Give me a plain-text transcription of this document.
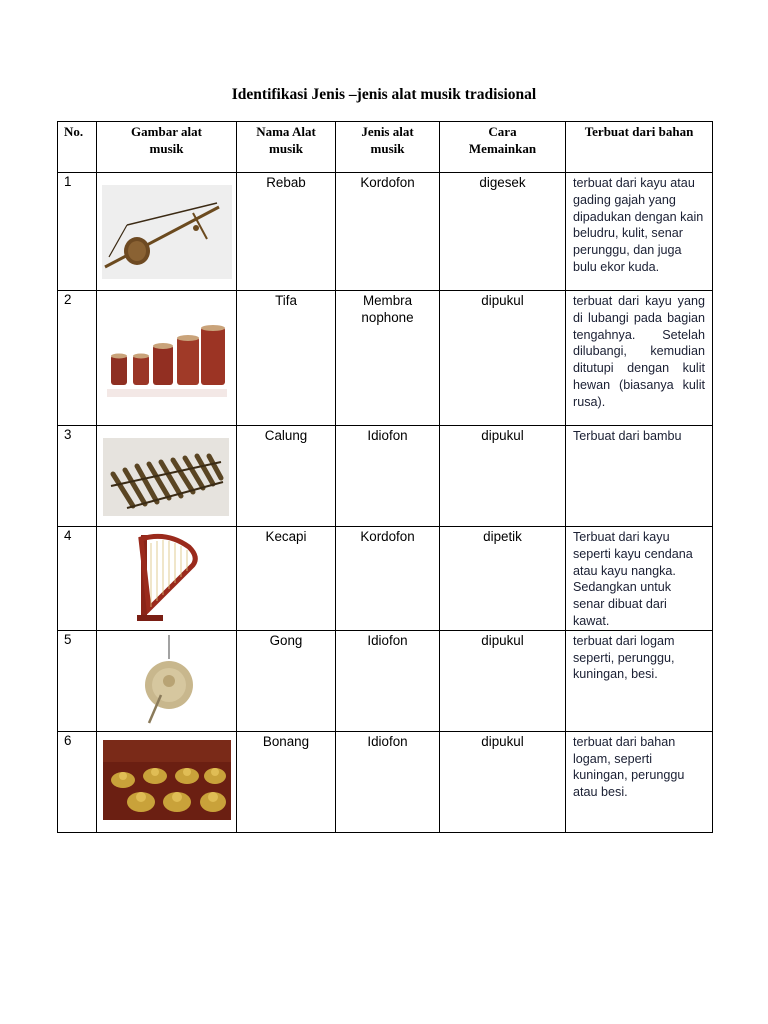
Identifikasi Jenis –jenis alat musik tradisional
No.	Gambar alat musik	Nama Alat musik	Jenis alat musik	Cara Memainkan	Terbuat dari bahan
1		Rebab	Kordofon	digesek	terbuat dari kayu atau gading gajah yang dipadukan dengan kain beludru, kulit, senar perunggu, dan juga bulu ekor kuda.
2		Tifa	Membra nophone	dipukul	terbuat dari kayu yang di lubangi pada bagian tengahnya. Setelah dilubangi, kemudian ditutupi dengan kulit hewan (biasanya kulit rusa).
3		Calung	Idiofon	dipukul	Terbuat dari bambu
4		Kecapi	Kordofon	dipetik	Terbuat dari kayu seperti kayu cendana atau kayu nangka. Sedangkan untuk senar dibuat dari kawat.
5		Gong	Idiofon	dipukul	terbuat dari logam seperti, perunggu, kuningan, besi.
6		Bonang	Idiofon	dipukul	terbuat dari bahan logam, seperti kuningan, perunggu atau besi.
